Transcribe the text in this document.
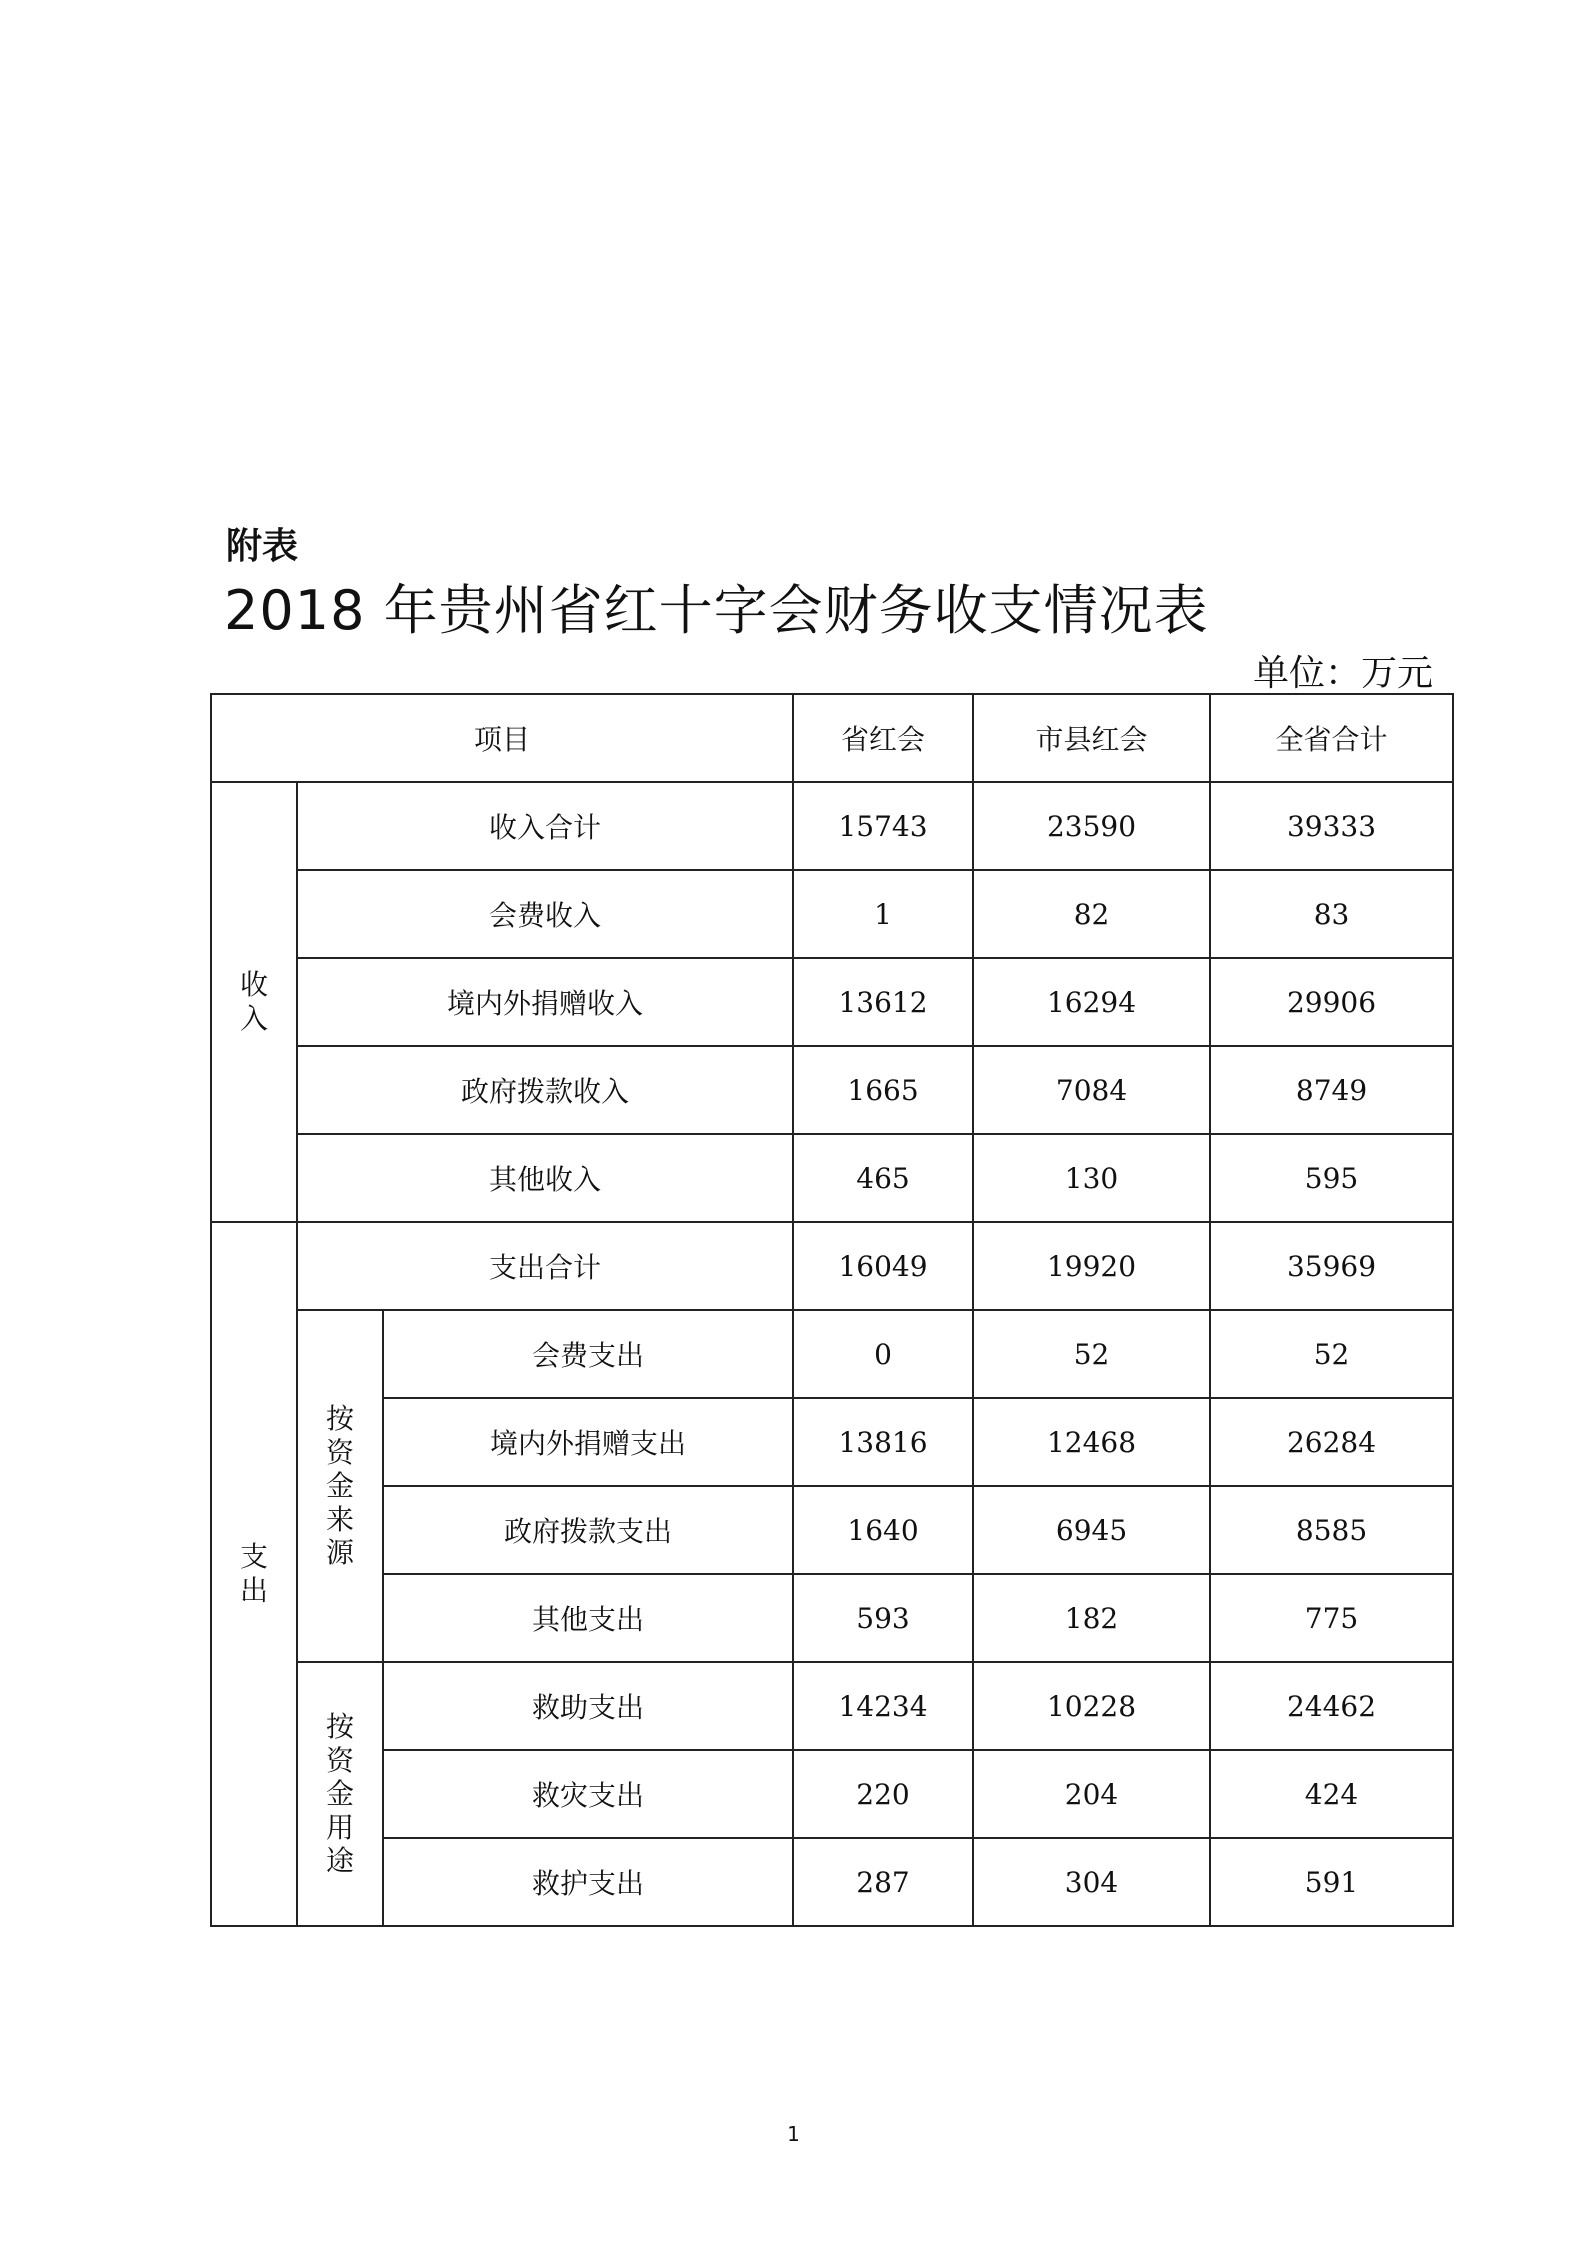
附表
2018 年贵州省红十字会财务收支情况表
单位：万元
项目			省红会	市县红会	全省合计
收入	收入合计		15743	23590	39333
	会费收入		1	82	83
	境内外捐赠收入		13612	16294	29906
	政府拨款收入		1665	7084	8749
	其他收入		465	130	595
支出	支出合计		16049	19920	35969
	按资金来源	会费支出	0	52	52
		境内外捐赠支出	13816	12468	26284
		政府拨款支出	1640	6945	8585
		其他支出	593	182	775
	按资金用途	救助支出	14234	10228	24462
		救灾支出	220	204	424
		救护支出	287	304	591
1
